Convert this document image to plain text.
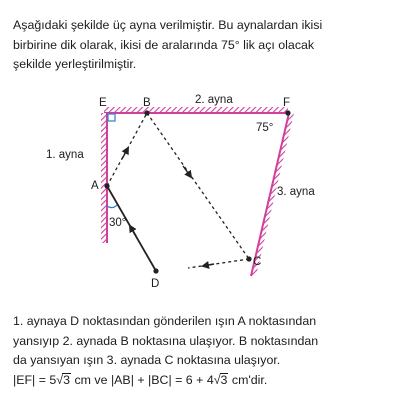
Aşağıdaki şekilde üç ayna verilmiştir. Bu aynalardan ikisi
birbirine dik olarak, ikisi de aralarında 75° lik açı olacak
şekilde yerleştirilmiştir.
2. ayna
1. ayna
3. ayna
E	B	F
A
C
D
75°
30°
1. aynaya D noktasından gönderilen ışın A noktasından
yansıyıp 2. aynada B noktasına ulaşıyor. B noktasından
da yansıyan ışın 3. aynada C noktasına ulaşıyor.
|EF| = 5√3 cm ve |AB| + |BC| = 6 + 4√3 cm'dir.
